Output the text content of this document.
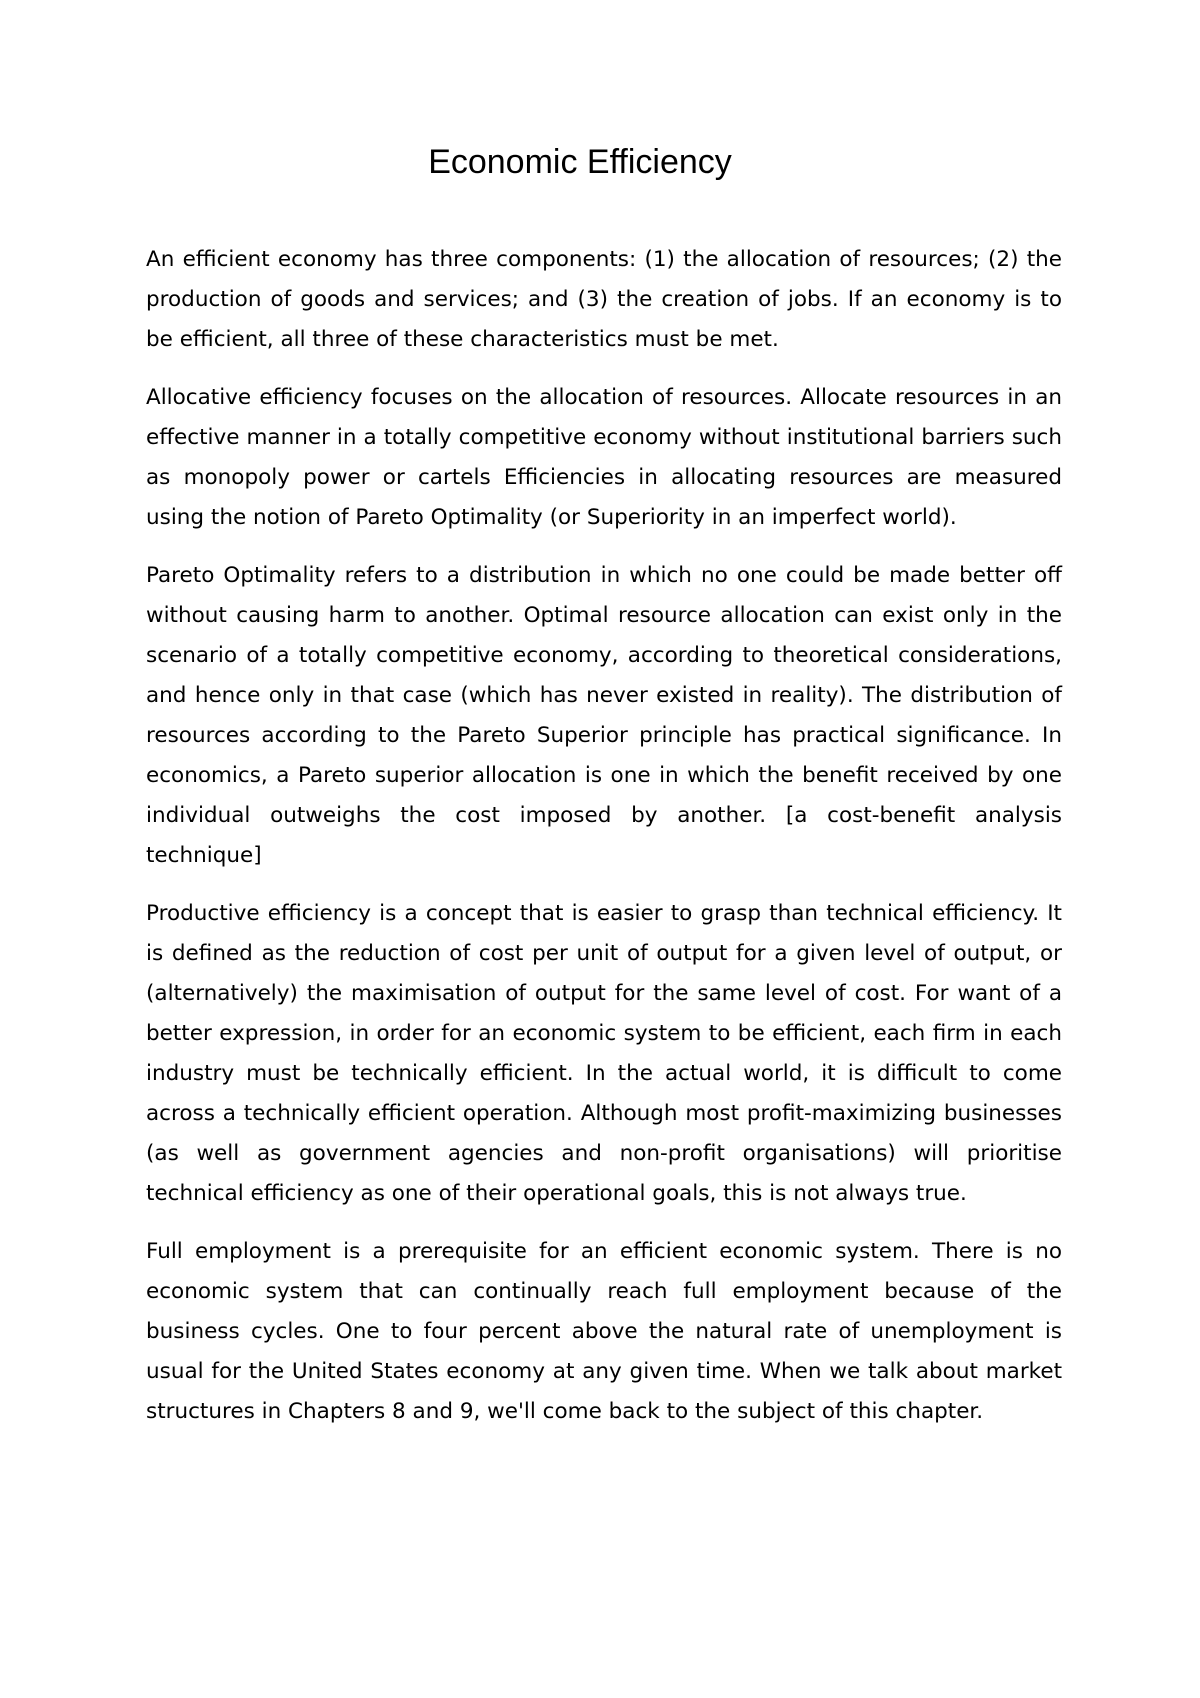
Economic Efficiency

An efficient economy has three components: (1) the allocation of resources; (2) the production of goods and services; and (3) the creation of jobs. If an economy is to be efficient, all three of these characteristics must be met.

Allocative efficiency focuses on the allocation of resources. Allocate resources in an effective manner in a totally competitive economy without institutional barriers such as monopoly power or cartels Efficiencies in allocating resources are measured using the notion of Pareto Optimality (or Superiority in an imperfect world).

Pareto Optimality refers to a distribution in which no one could be made better off without causing harm to another. Optimal resource allocation can exist only in the scenario of a totally competitive economy, according to theoretical considerations, and hence only in that case (which has never existed in reality). The distribution of resources according to the Pareto Superior principle has practical significance. In economics, a Pareto superior allocation is one in which the benefit received by one individual outweighs the cost imposed by another. [a cost-benefit analysis technique]

Productive efficiency is a concept that is easier to grasp than technical efficiency. It is defined as the reduction of cost per unit of output for a given level of output, or (alternatively) the maximisation of output for the same level of cost. For want of a better expression, in order for an economic system to be efficient, each firm in each industry must be technically efficient. In the actual world, it is difficult to come across a technically efficient operation. Although most profit-maximizing businesses (as well as government agencies and non-profit organisations) will prioritise technical efficiency as one of their operational goals, this is not always true.

Full employment is a prerequisite for an efficient economic system. There is no economic system that can continually reach full employment because of the business cycles. One to four percent above the natural rate of unemployment is usual for the United States economy at any given time. When we talk about market structures in Chapters 8 and 9, we'll come back to the subject of this chapter.
